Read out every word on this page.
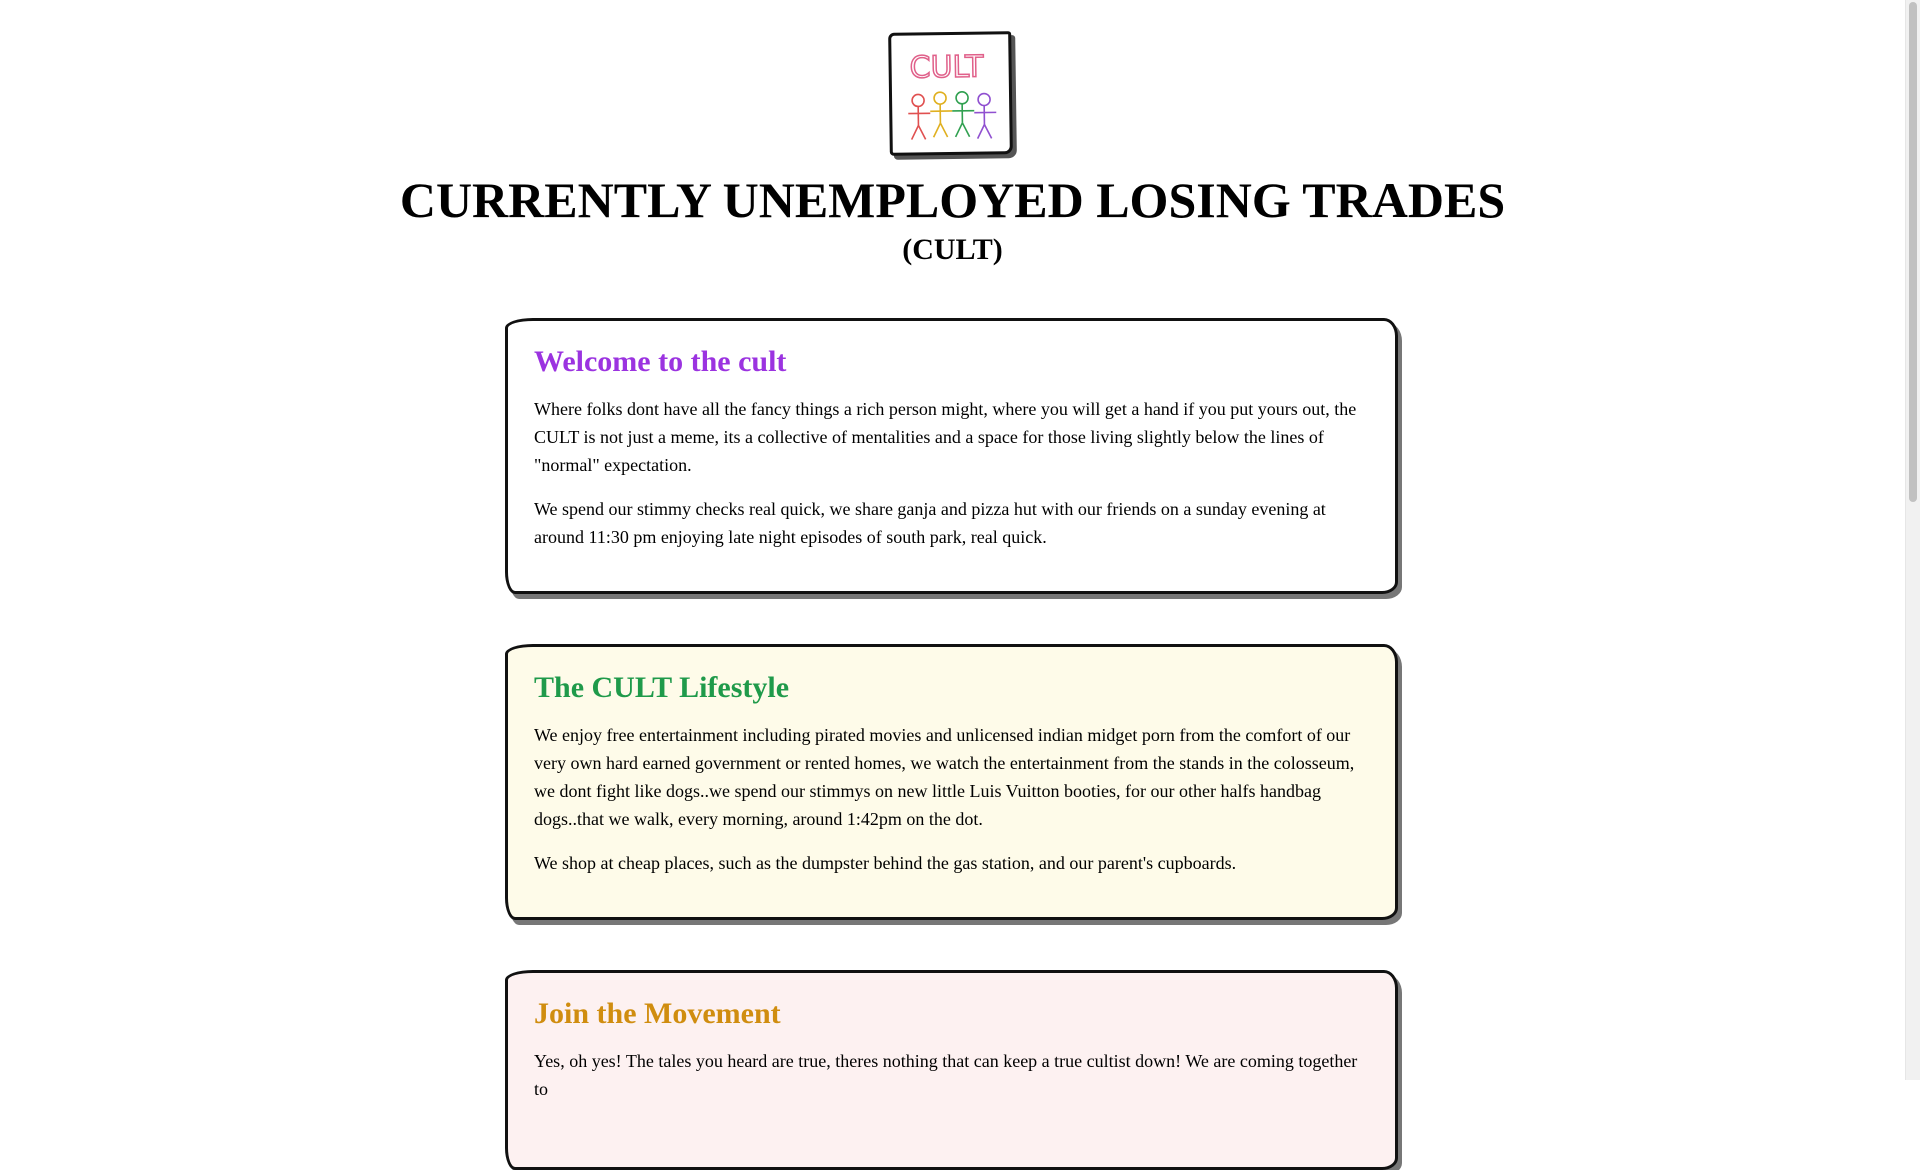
CULT
CURRENTLY UNEMPLOYED LOSING TRADES
(CULT)
Welcome to the cult

Where folks dont have all the fancy things a rich person might, where you will get a hand if you put yours out, the CULT is not just a meme, its a collective of mentalities and a space for those living slightly below the lines of "normal" expectation.

We spend our stimmy checks real quick, we share ganja and pizza hut with our friends on a sunday evening at around 11:30 pm enjoying late night episodes of south park, real quick.

The CULT Lifestyle

We enjoy free entertainment including pirated movies and unlicensed indian midget porn from the comfort of our very own hard earned government or rented homes, we watch the entertainment from the stands in the colosseum, we dont fight like dogs..we spend our stimmys on new little Luis Vuitton booties, for our other halfs handbag dogs..that we walk, every morning, around 1:42pm on the dot.

We shop at cheap places, such as the dumpster behind the gas station, and our parent's cupboards.

Join the Movement

Yes, oh yes! The tales you heard are true, theres nothing that can keep a true cultist down! We are coming together to
